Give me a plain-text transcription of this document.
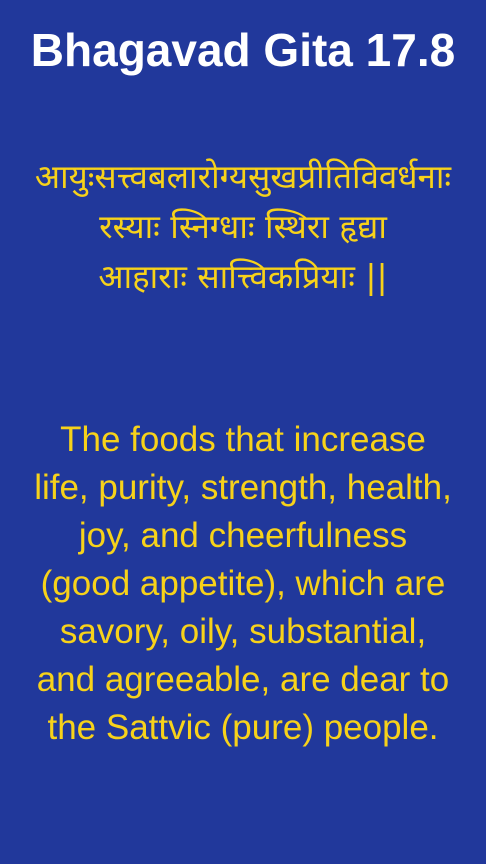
Bhagavad Gita 17.8
आयुःसत्त्वबलारोग्यसुखप्रीतिविवर्धनाः
रस्याः स्निग्धाः स्थिरा हृद्या
आहाराः सात्त्विकप्रियाः ||
The foods that increase
life, purity, strength, health,
joy, and cheerfulness
(good appetite), which are
savory, oily, substantial,
and agreeable, are dear to
the Sattvic (pure) people.
